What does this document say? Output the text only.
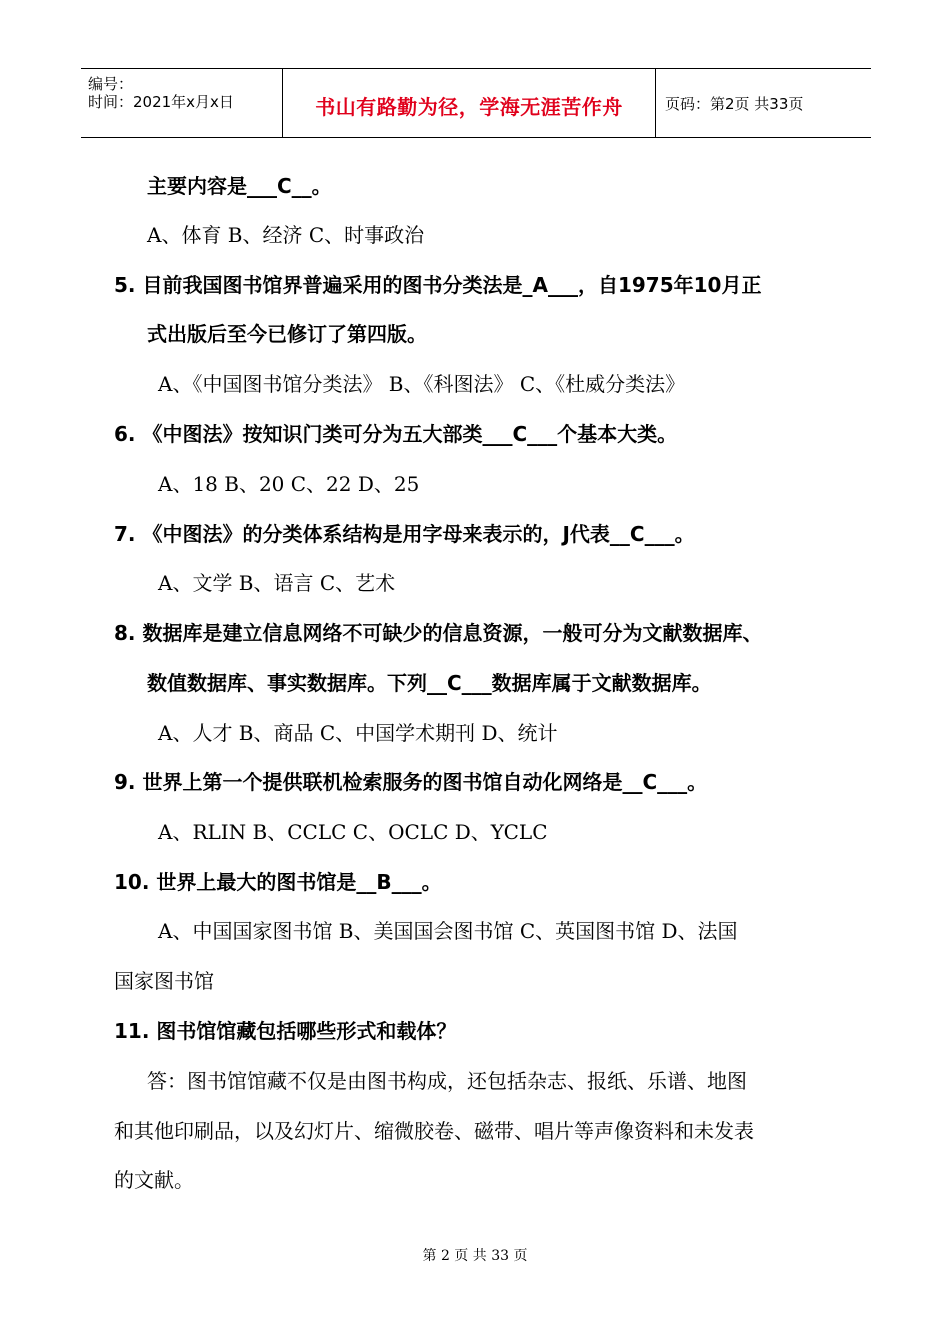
编号：
时间：2021年x月x日	书山有路勤为径，学海无涯苦作舟	页码：第2页 共33页
主要内容是___C__。
A、体育 B、经济 C、时事政治
5. 目前我国图书馆界普遍采用的图书分类法是_A___，自1975年10月正
式出版后至今已修订了第四版。
A、《中国图书馆分类法》 B、《科图法》 C、《杜威分类法》
6. 《中图法》按知识门类可分为五大部类___C___个基本大类。
A、18 B、20 C、22 D、25
7. 《中图法》的分类体系结构是用字母来表示的，J代表__C___。
A、文学 B、语言 C、艺术
8. 数据库是建立信息网络不可缺少的信息资源，一般可分为文献数据库、
数值数据库、事实数据库。下列__C___数据库属于文献数据库。
A、人才 B、商品 C、中国学术期刊 D、统计
9. 世界上第一个提供联机检索服务的图书馆自动化网络是__C___。
A、RLIN B、CCLC C、OCLC D、YCLC
10. 世界上最大的图书馆是__B___。
A、中国国家图书馆 B、美国国会图书馆 C、英国图书馆 D、法国
国家图书馆
11. 图书馆馆藏包括哪些形式和载体？
答：图书馆馆藏不仅是由图书构成，还包括杂志、报纸、乐谱、地图
和其他印刷品，以及幻灯片、缩微胶卷、磁带、唱片等声像资料和未发表
的文献。
第 2 页 共 33 页
